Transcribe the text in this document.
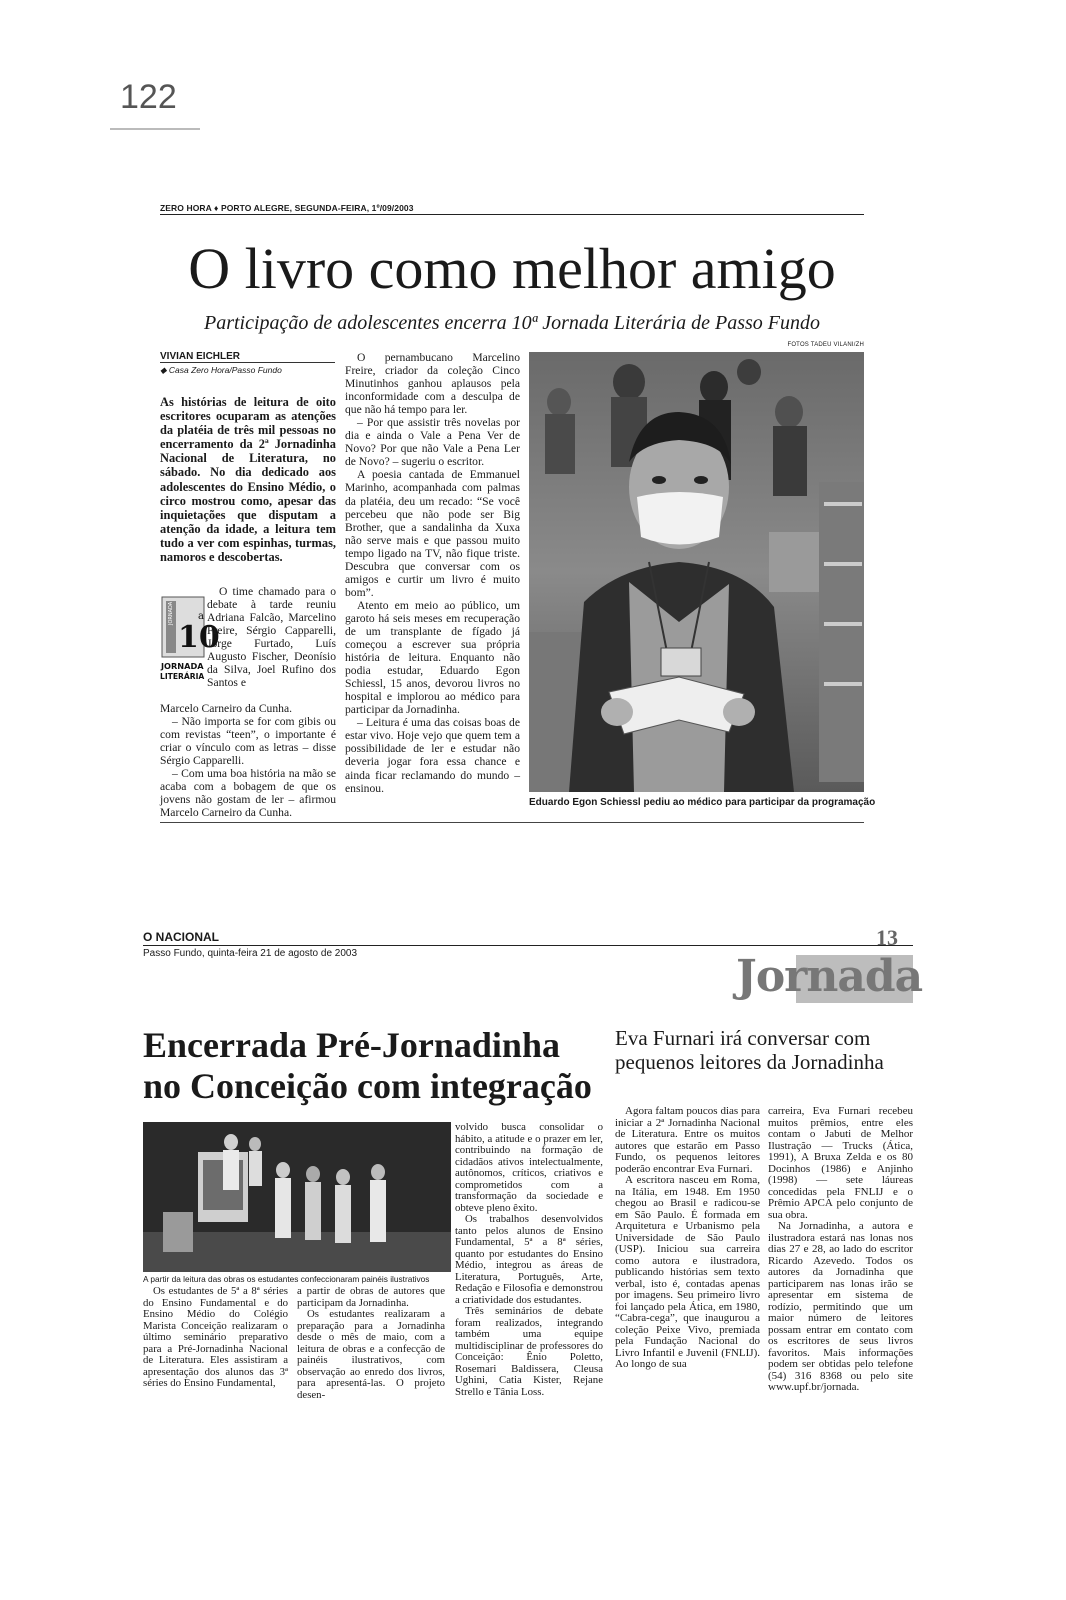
122
ZERO HORA ♦ PORTO ALEGRE, SEGUNDA-FEIRA, 1º/09/2003
O livro como melhor amigo
Participação de adolescentes encerra 10ª Jornada Literária de Passo Fundo
FOTOS TADEU VILANI/ZH
VIVIAN EICHLER
◆ Casa Zero Hora/Passo Fundo
As histórias de leitura de oito escritores ocuparam as atenções da platéia de três mil pessoas no encerramento da 2ª Jornadinha Nacional de Literatura, no sábado. No dia dedicado aos adolescentes do Ensino Médio, o circo mostrou como, apesar das inquietações que disputam a atenção da idade, a leitura tem tudo a ver com espinhas, turmas, namoros e descobertas.
JORNADA
10
a
JORNADA
LITERÁRIA

O time chamado para o debate à tarde reuniu Adriana Falcão, Marcelino Freire, Sérgio Capparelli, Jorge Furtado, Luís Augusto Fischer, Deonísio da Silva, Joel Rufino dos Santos e

Marcelo Carneiro da Cunha.

– Não importa se for com gibis ou com revistas “teen”, o importante é criar o vínculo com as letras – disse Sérgio Capparelli.

– Com uma boa história na mão se acaba com a bobagem de que os jovens não gostam de ler – afirmou Marcelo Carneiro da Cunha.

O pernambucano Marcelino Freire, criador da coleção Cinco Minutinhos ganhou aplausos pela inconformidade com a desculpa de que não há tempo para ler.

– Por que assistir três novelas por dia e ainda o Vale a Pena Ver de Novo? Por que não Vale a Pena Ler de Novo? – sugeriu o escritor.

A poesia cantada de Emmanuel Marinho, acompanhada com palmas da platéia, deu um recado: “Se você percebeu que não pode ser Big Brother, que a sandalinha da Xuxa não serve mais e que passou muito tempo ligado na TV, não fique triste. Descubra que conversar com os amigos e curtir um livro é muito bom”.

Atento em meio ao público, um garoto há seis meses em recuperação de um transplante de fígado já começou a escrever sua própria história de leitura. Enquanto não podia estudar, Eduardo Egon Schiessl, 15 anos, devorou livros no hospital e implorou ao médico para participar da Jornadinha.

– Leitura é uma das coisas boas de estar vivo. Hoje vejo que quem tem a possibilidade de ler e estudar não deveria jogar fora essa chance e ainda ficar reclamando do mundo – ensinou.

Eduardo Egon Schiessl pediu ao médico para participar da programação
O NACIONAL
Passo Fundo, quinta-feira 21 de agosto de 2003
13
Jornada
Encerrada Pré-Jornadinha no Conceição com integração
A partir da leitura das obras os estudantes confeccionaram painéis ilustrativos

Os estudantes de 5ª a 8ª séries do Ensino Fundamental e do Ensino Médio do Colégio Marista Conceição realizaram o último seminário preparativo para a Pré-Jornadinha Nacional de Literatura. Eles assistiram a apresentação dos alunos das 3ª séries do Ensino Fundamental,

a partir de obras de autores que participam da Jornadinha.

Os estudantes realizaram a preparação para a Jornadinha desde o mês de maio, com a leitura de obras e a confecção de painéis ilustrativos, com observação ao enredo dos livros, para apresentá-las. O projeto desen-

volvido busca consolidar o hábito, a atitude e o prazer em ler, contribuindo na formação de cidadãos ativos intelectualmente, autônomos, críticos, criativos e comprometidos com a transformação da sociedade e obteve pleno êxito.

Os trabalhos desenvolvidos tanto pelos alunos de Ensino Fundamental, 5ª a 8ª séries, quanto por estudantes do Ensino Médio, integrou as áreas de Literatura, Português, Arte, Redação e Filosofia e demonstrou a criatividade dos estudantes.

Três seminários de debate foram realizados, integrando também uma equipe multidisciplinar de professores do Conceição: Ênio Poletto, Rosemari Baldissera, Cleusa Ughini, Catia Kister, Rejane Strello e Tânia Loss.

Eva Furnari irá conversar com pequenos leitores da Jornadinha

Agora faltam poucos dias para iniciar a 2ª Jornadinha Nacional de Literatura. Entre os muitos autores que estarão em Passo Fundo, os pequenos leitores poderão encontrar Eva Furnari.

A escritora nasceu em Roma, na Itália, em 1948. Em 1950 chegou ao Brasil e radicou-se em São Paulo. É formada em Arquitetura e Urbanismo pela Universidade de São Paulo (USP). Iniciou sua carreira como autora e ilustradora, publicando histórias sem texto verbal, isto é, contadas apenas por imagens. Seu primeiro livro foi lançado pela Ática, em 1980, “Cabra-cega”, que inaugurou a coleção Peixe Vivo, premiada pela Fundação Nacional do Livro Infantil e Juvenil (FNLIJ). Ao longo de sua

carreira, Eva Furnari recebeu muitos prêmios, entre eles contam o Jabuti de Melhor Ilustração — Trucks (Ática, 1991), A Bruxa Zelda e os 80 Docinhos (1986) e Anjinho (1998) — sete láureas concedidas pela FNLIJ e o Prêmio APCA pelo conjunto de sua obra.

Na Jornadinha, a autora e ilustradora estará nas lonas nos dias 27 e 28, ao lado do escritor Ricardo Azevedo. Todos os autores da Jornadinha que participarem nas lonas irão se apresentar em sistema de rodízio, permitindo que um maior número de leitores possam entrar em contato com os escritores de seus livros favoritos. Mais informações podem ser obtidas pelo telefone (54) 316 8368 ou pelo site www.upf.br/jornada.
